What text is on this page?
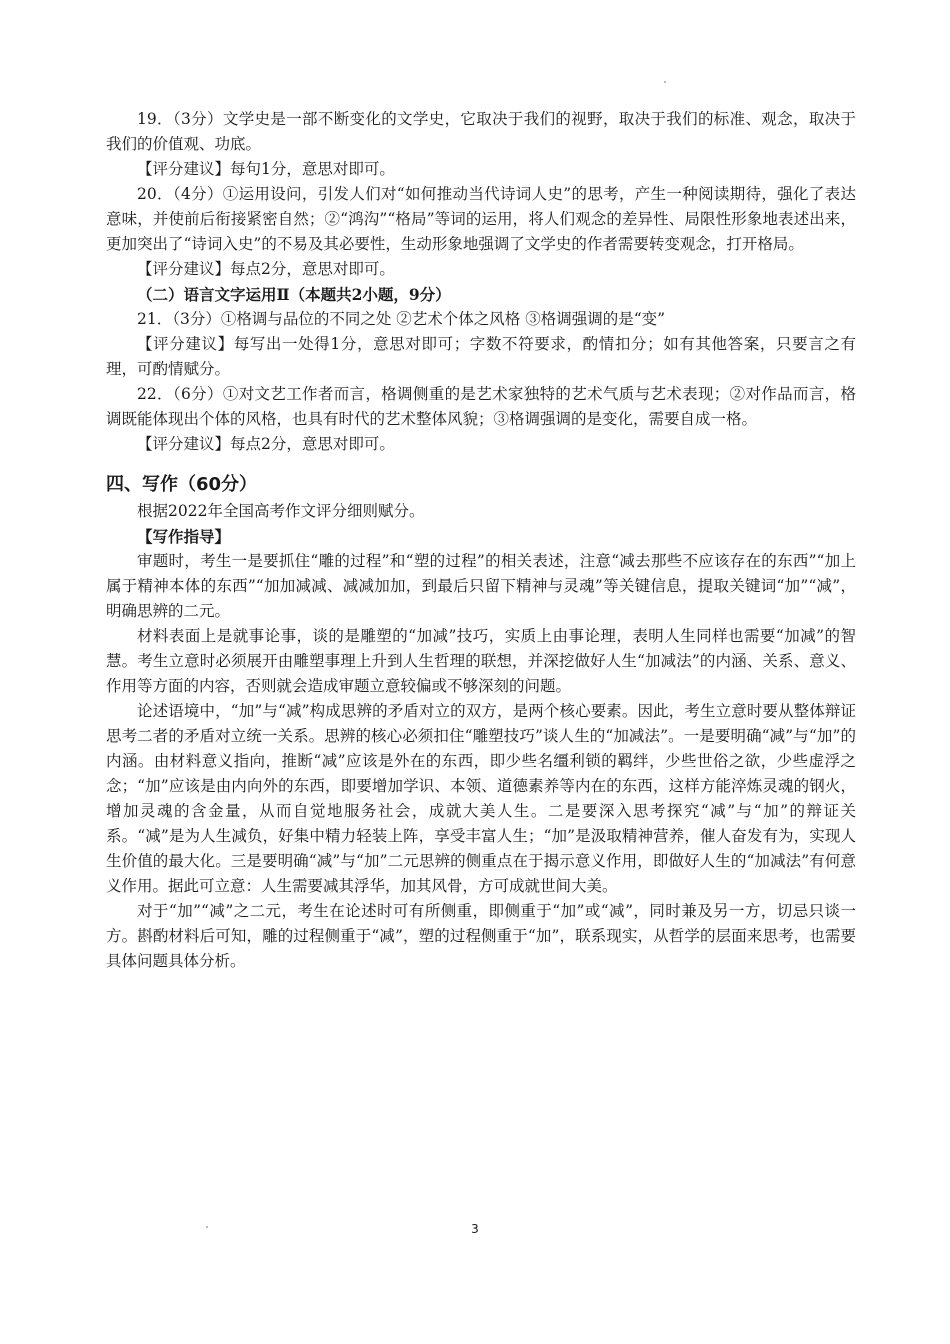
19．（3分）文学史是一部不断变化的文学史，它取决于我们的视野，取决于我们的标准、观念，取决于我们的价值观、功底。

【评分建议】每句1分，意思对即可。

20．（4分）①运用设问，引发人们对“如何推动当代诗词人史”的思考，产生一种阅读期待，强化了表达意味，并使前后衔接紧密自然；②“鸿沟”“格局”等词的运用，将人们观念的差异性、局限性形象地表述出来，更加突出了“诗词入史”的不易及其必要性，生动形象地强调了文学史的作者需要转变观念，打开格局。

【评分建议】每点2分，意思对即可。

（二）语言文字运用Ⅱ（本题共2小题，9分）

21．（3分）①格调与品位的不同之处 ②艺术个体之风格 ③格调强调的是“变”

【评分建议】每写出一处得1分，意思对即可；字数不符要求，酌情扣分；如有其他答案，只要言之有理，可酌情赋分。

22．（6分）①对文艺工作者而言，格调侧重的是艺术家独特的艺术气质与艺术表现；②对作品而言，格调既能体现出个体的风格，也具有时代的艺术整体风貌；③格调强调的是变化，需要自成一格。

【评分建议】每点2分，意思对即可。

四、写作（60分）

根据2022年全国高考作文评分细则赋分。

【写作指导】

审题时，考生一是要抓住“雕的过程”和“塑的过程”的相关表述，注意“减去那些不应该存在的东西”“加上属于精神本体的东西”“加加减减、减减加加，到最后只留下精神与灵魂”等关键信息，提取关键词“加”“减”，明确思辨的二元。

材料表面上是就事论事，谈的是雕塑的“加减”技巧，实质上由事论理，表明人生同样也需要“加减”的智慧。考生立意时必须展开由雕塑事理上升到人生哲理的联想，并深挖做好人生“加减法”的内涵、关系、意义、作用等方面的内容，否则就会造成审题立意较偏或不够深刻的问题。

论述语境中，“加”与“减”构成思辨的矛盾对立的双方，是两个核心要素。因此，考生立意时要从整体辩证思考二者的矛盾对立统一关系。思辨的核心必须扣住“雕塑技巧”谈人生的“加减法”。一是要明确“减”与“加”的内涵。由材料意义指向，推断“减”应该是外在的东西，即少些名缰利锁的羁绊，少些世俗之欲，少些虚浮之念；“加”应该是由内向外的东西，即要增加学识、本领、道德素养等内在的东西，这样方能淬炼灵魂的钢火，增加灵魂的含金量，从而自觉地服务社会，成就大美人生。二是要深入思考探究“减”与“加”的辩证关系。“减”是为人生减负，好集中精力轻装上阵，享受丰富人生；“加”是汲取精神营养，催人奋发有为，实现人生价值的最大化。三是要明确“减”与“加”二元思辨的侧重点在于揭示意义作用，即做好人生的“加减法”有何意义作用。据此可立意：人生需要减其浮华，加其风骨，方可成就世间大美。

对于“加”“减”之二元，考生在论述时可有所侧重，即侧重于“加”或“减”，同时兼及另一方，切忌只谈一方。斟酌材料后可知，雕的过程侧重于“减”，塑的过程侧重于“加”，联系现实，从哲学的层面来思考，也需要具体问题具体分析。

3
